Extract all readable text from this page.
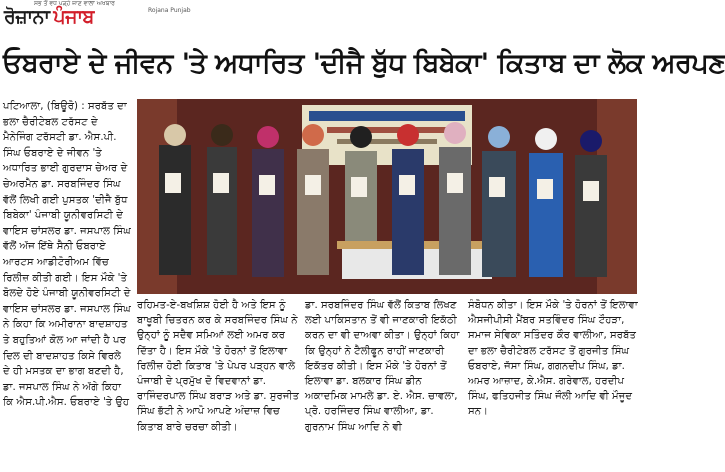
ਰੋਜ਼ਾਨਾ ਪੰਜਾਬ
ਸਭ ਤੋਂ ਵਧ ਪੜ੍ਹੇ ਜਾਣ ਵਾਲਾ ਅਖਬਾਰ
Rojana Punjab
ਓਬਰਾਏ ਦੇ ਜੀਵਨ 'ਤੇ ਅਧਾਰਿਤ 'ਦੀਜੈ ਬੁੱਧ ਬਿਬੇਕਾ' ਕਿਤਾਬ ਦਾ ਲੋਕ ਅਰਪਣ
ਪਟਿਆਲਾ, (ਬਿਊਰੋ) : ਸਰਬੱਤ ਦਾ ਭਲਾ ਚੈਰੀਟੇਬਲ ਟਰੱਸਟ ਦੇ ਮੈਨੇਜਿੰਗ ਟਰੱਸਟੀ ਡਾ. ਐਸ.ਪੀ. ਸਿੰਘ ਓਬਰਾਏ ਦੇ ਜੀਵਨ 'ਤੇ ਅਧਾਰਿਤ ਭਾਈ ਗੁਰਦਾਸ ਚੇਅਰ ਦੇ ਚੇਅਰਮੈਨ ਡਾ. ਸਰਬਜਿੰਦਰ ਸਿੰਘ ਵੱਲੋਂ ਲਿਖੀ ਗਈ ਪੁਸਤਕ 'ਦੀਜੈ ਬੁੱਧ ਬਿਬੇਕਾ' ਪੰਜਾਬੀ ਯੂਨੀਵਰਸਿਟੀ ਦੇ ਵਾਇਸ ਚਾਂਸਲਰ ਡਾ. ਜਸਪਾਲ ਸਿੰਘ ਵੱਲੋਂ ਅੱਜ ਇੱਥੇ ਸੈਨੀ ਓਬਰਾਏ ਆਰਟਸ ਆਡੀਟੋਰੀਅਮ ਵਿੱਚ ਰਿਲੀਜ਼ ਕੀਤੀ ਗਈ। ਇਸ ਮੌਕੇ 'ਤੇ ਬੋਲਦੇ ਹੋਏ ਪੰਜਾਬੀ ਯੂਨੀਵਰਸਿਟੀ ਦੇ ਵਾਇਸ ਚਾਂਸਲਰ ਡਾ. ਜਸਪਾਲ ਸਿੰਘ ਨੇ ਕਿਹਾ ਕਿ ਅਮੀਰਾਨਾ ਬਾਦਸ਼ਾਹਤ ਤੇ ਬਹੁਤਿਆਂ ਕੋਲ ਆ ਜਾਂਦੀ ਹੈ ਪਰ ਦਿਲ ਦੀ ਬਾਦਸ਼ਾਹਤ ਕਿਸੇ ਵਿਰਲੇ ਦੇ ਹੀ ਮਸਤਕ ਦਾ ਭਾਗ ਬਣਦੀ ਹੈ, ਡਾ. ਜਸਪਾਲ ਸਿੰਘ ਨੇ ਅੱਗੇ ਕਿਹਾ ਕਿ ਐਸ.ਪੀ.ਐਸ. ਓਬਰਾਏ 'ਤੇ ਉਹ
ਰਹਿਮਤ-ਏ-ਬਖਸ਼ਿਸ਼ ਹੋਈ ਹੈ ਅਤੇ ਇਸ ਨੂੰ ਬਾਖੂਬੀ ਚਿਤਰਨ ਕਰ ਕੇ ਸਰਬਜਿੰਦਰ ਸਿੰਘ ਨੇ ਉਨ੍ਹਾਂ ਨੂੰ ਸਦੈਵ ਸਮਿਆਂ ਲਈ ਅਮਰ ਕਰ ਦਿੱਤਾ ਹੈ। ਇਸ ਮੌਕੇ 'ਤੇ ਹੋਰਨਾਂ ਤੋਂ ਇਲਾਵਾ ਰਿਲੀਜ਼ ਹੋਈ ਕਿਤਾਬ 'ਤੇ ਪੇਪਰ ਪੜ੍ਹਨ ਵਾਲੇ ਪੰਜਾਬੀ ਦੇ ਪ੍ਰਮੁੱਖ ਦੋ ਵਿਦਵਾਨਾਂ ਡਾ. ਰਾਜਿੰਦਰਪਾਲ ਸਿੰਘ ਬਰਾੜ ਅਤੇ ਡਾ. ਸੁਰਜੀਤ ਸਿੰਘ ਭੱਟੀ ਨੇ ਆਪੋ ਆਪਣੇ ਅੰਦਾਜ਼ ਵਿਚ ਕਿਤਾਬ ਬਾਰੇ ਚਰਚਾ ਕੀਤੀ।
ਡਾ. ਸਰਬਜਿੰਦਰ ਸਿੰਘ ਵੱਲੋਂ ਕਿਤਾਬ ਲਿਖਣ ਲਈ ਪਾਕਿਸਤਾਨ ਤੋਂ ਵੀ ਜਾਣਕਾਰੀ ਇਕੱਠੀ ਕਰਨ ਦਾ ਵੀ ਦਾਅਵਾ ਕੀਤਾ। ਉਨ੍ਹਾਂ ਕਿਹਾ ਕਿ ਉਨ੍ਹਾਂ ਨੇ ਟੈਲੀਫੂਨ ਰਾਹੀਂ ਜਾਣਕਾਰੀ ਇਕੱਤਰ ਕੀਤੀ। ਇਸ ਮੌਕੇ 'ਤੇ ਹੋਰਨਾਂ ਤੋਂ ਇਲਾਵਾ ਡਾ. ਬਲਕਾਰ ਸਿੰਘ ਡੀਨ ਅਕਾਦਮਿਕ ਮਾਮਲੇ ਡਾ. ਏ. ਐਸ. ਚਾਵਲਾ, ਪ੍ਰੋ. ਹਰਜਿੰਦਰ ਸਿੰਘ ਵਾਲੀਆ, ਡਾ. ਗੁਰਨਾਮ ਸਿੰਘ ਆਦਿ ਨੇ ਵੀ
ਸੰਬੋਧਨ ਕੀਤਾ। ਇਸ ਮੌਕੇ 'ਤੇ ਹੋਰਨਾਂ ਤੋਂ ਇਲਾਵਾ ਐਸਜੀਪੀਸੀ ਮੈਂਬਰ ਸਤਵਿੰਦਰ ਸਿੰਘ ਟੌਹੜਾ, ਸਮਾਜ ਸੇਵਿਕਾ ਸਤਿੰਦਰ ਕੌਰ ਵਾਲੀਆ, ਸਰਬੱਤ ਦਾ ਭਲਾ ਚੈਰੀਟੇਬਲ ਟਰੱਸਟ ਤੋਂ ਗੁਰਜੀਤ ਸਿੰਘ ਓਬਰਾਏ, ਜੱਸਾ ਸਿੰਘ, ਗਗਨਦੀਪ ਸਿੰਘ, ਡਾ. ਅਮਰ ਆਜ਼ਾਦ, ਕੇ.ਐਸ. ਗਰੇਵਾਲ, ਹਰਦੀਪ ਸਿੰਘ, ਫਤਿਹਜੀਤ ਸਿੰਘ ਜੌਲੀ ਆਦਿ ਵੀ ਮੌਜੂਦ ਸਨ।
